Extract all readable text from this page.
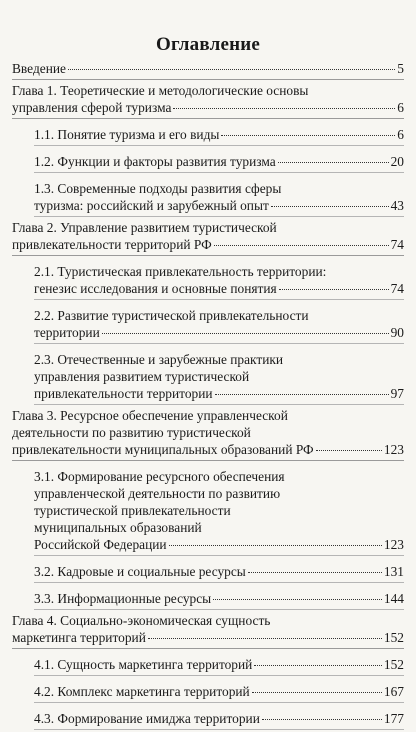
Оглавление
Введение	5
Глава 1. Теоретические и методологические основы
управления сферой туризма	6
1.1. Понятие туризма и его виды	6
1.2. Функции и факторы развития туризма	20
1.3. Современные подходы развития сферы
туризма: российский и зарубежный опыт	43
Глава 2. Управление развитием туристической
привлекательности территорий РФ	74
2.1. Туристическая привлекательность территории:
генезис исследования и основные понятия	74
2.2. Развитие туристической привлекательности
территории	90
2.3. Отечественные и зарубежные практики
управления развитием туристической
привлекательности территории	97
Глава 3. Ресурсное обеспечение управленческой
деятельности по развитию туристической
привлекательности муниципальных образований РФ	123
3.1. Формирование ресурсного обеспечения
управленческой деятельности по развитию
туристической привлекательности
муниципальных образований
Российской Федерации	123
3.2. Кадровые и социальные ресурсы	131
3.3. Информационные ресурсы	144
Глава 4. Социально-экономическая сущность
маркетинга территорий	152
4.1. Сущность маркетинга территорий	152
4.2. Комплекс маркетинга территорий	167
4.3. Формирование имиджа территории	177
